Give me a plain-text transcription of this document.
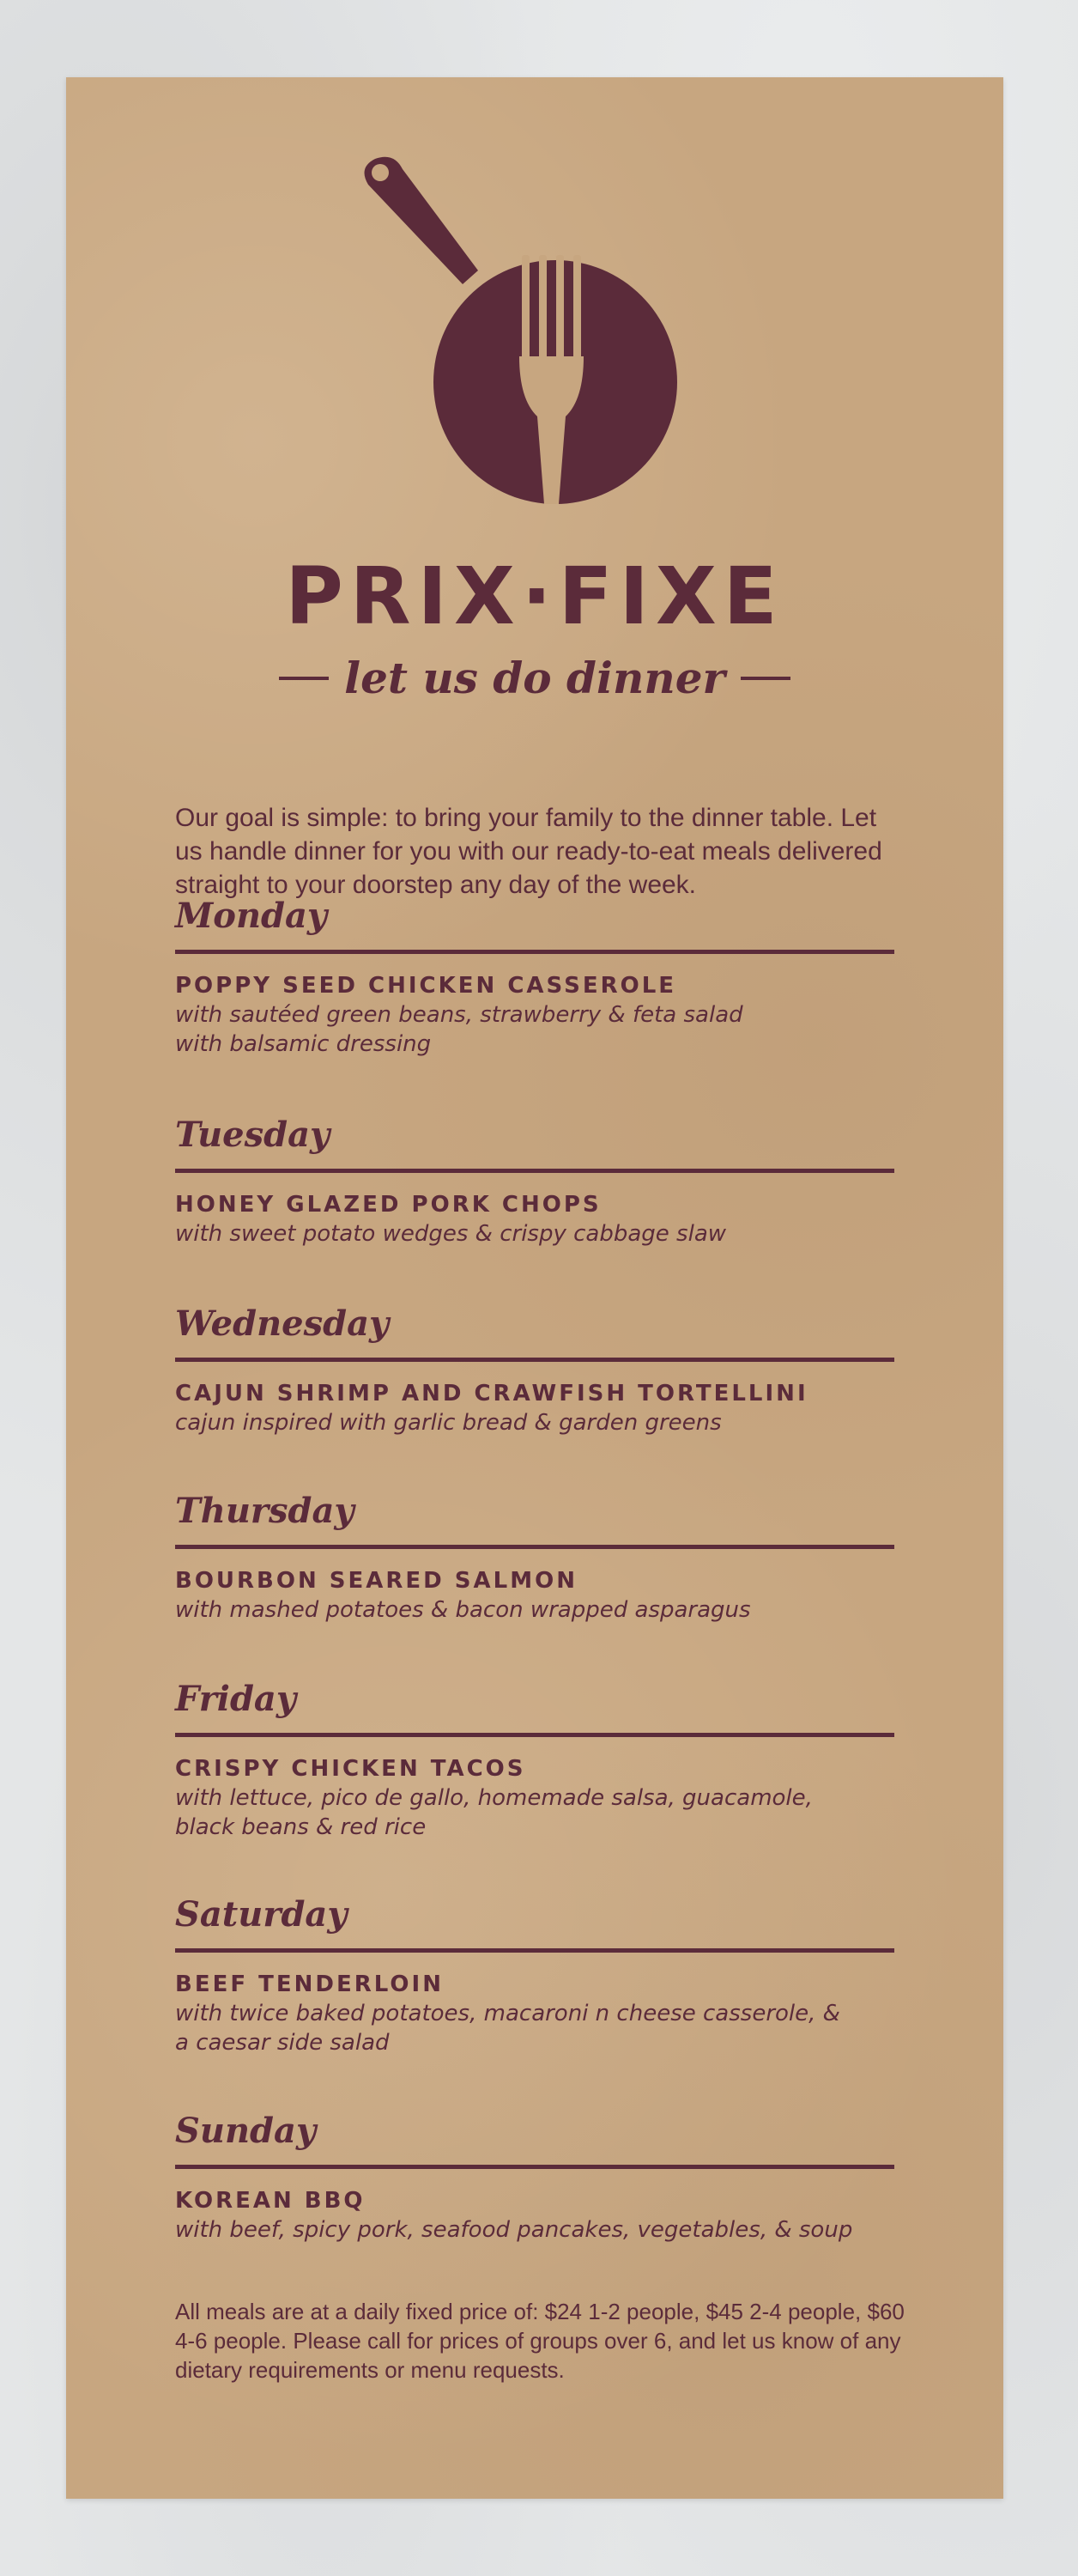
PRIX·FIXE
let us do dinner

Our goal is simple: to bring your family to the dinner table. Let us handle dinner for you with our ready-to-eat meals delivered straight to your doorstep any day of the week.

Monday
POPPY SEED CHICKEN CASSEROLE
with sautéed green beans, strawberry & feta salad
with balsamic dressing
Tuesday
HONEY GLAZED PORK CHOPS
with sweet potato wedges & crispy cabbage slaw
Wednesday
CAJUN SHRIMP AND CRAWFISH TORTELLINI
cajun inspired with garlic bread & garden greens
Thursday
BOURBON SEARED SALMON
with mashed potatoes & bacon wrapped asparagus
Friday
CRISPY CHICKEN TACOS
with lettuce, pico de gallo, homemade salsa, guacamole,
black beans & red rice
Saturday
BEEF TENDERLOIN
with twice baked potatoes, macaroni n cheese casserole, &
a caesar side salad
Sunday
KOREAN BBQ
with beef, spicy pork, seafood pancakes, vegetables, & soup

All meals are at a daily fixed price of: $24 1-2 people, $45 2-4 people, $60 4-6 people. Please call for prices of groups over 6, and let us know of any dietary requirements or menu requests.
